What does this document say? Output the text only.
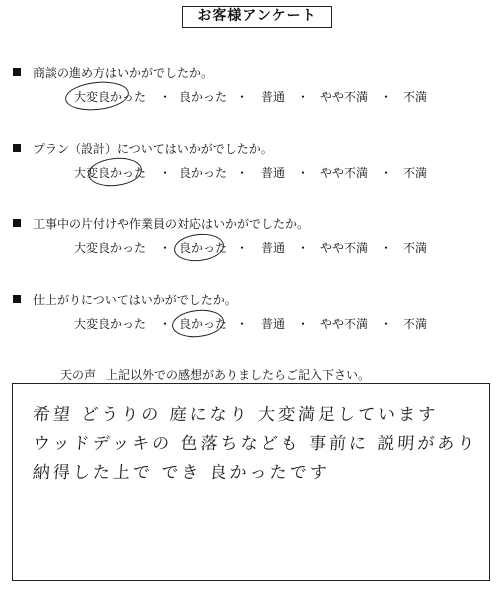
お客様アンケート
商談の進め方はいかがでしたか。
大変良かった ・ 良かった ・ 普通 ・ やや不満 ・ 不満
プラン（設計）についてはいかがでしたか。
大変良かった ・ 良かった ・ 普通 ・ やや不満 ・ 不満
工事中の片付けや作業員の対応はいかがでしたか。
大変良かった ・ 良かった ・ 普通 ・ やや不満 ・ 不満
仕上がりについてはいかがでしたか。
大変良かった ・ 良かった ・ 普通 ・ やや不満 ・ 不満
天の声 上記以外での感想がありましたらご記入下さい。
希望 どうりの 庭になり 大変満足しています
ウッドデッキの 色落ちなども 事前に 説明があり
納得した上で でき 良かったです
